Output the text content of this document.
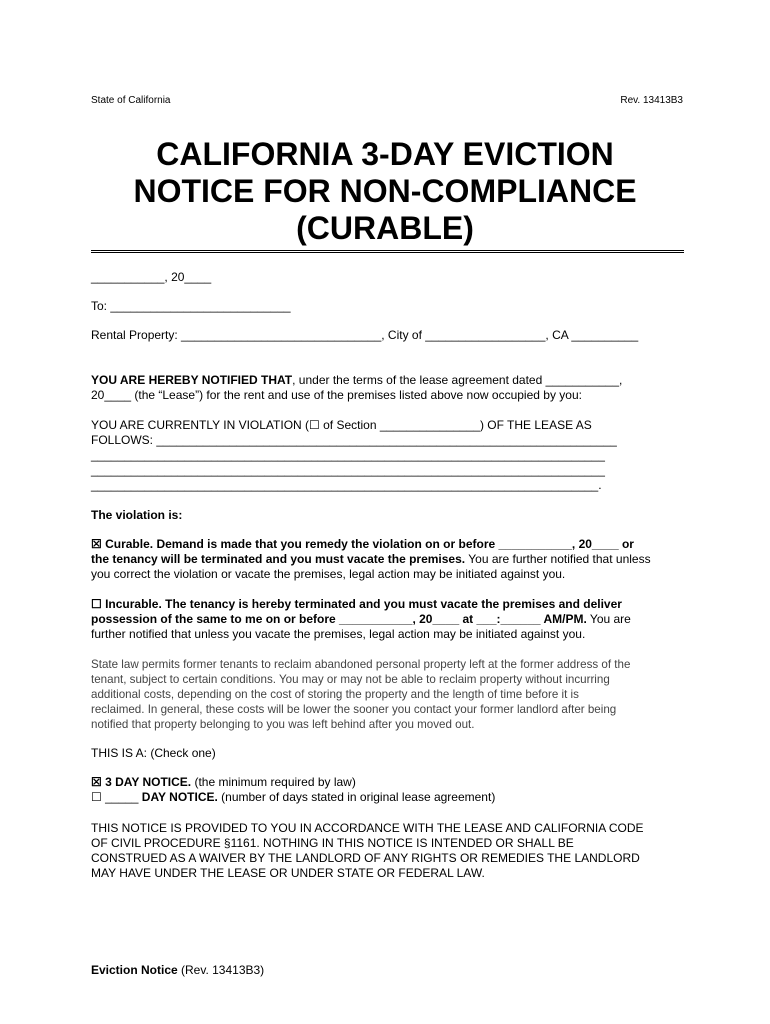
State of California	Rev. 13413B3
CALIFORNIA 3-DAY EVICTION
NOTICE FOR NON-COMPLIANCE
(CURABLE)
___________, 20____
To: ___________________________
Rental Property: ______________________________, City of __________________, CA __________
YOU ARE HEREBY NOTIFIED THAT, under the terms of the lease agreement dated ___________,
20____ (the “Lease”) for the rent and use of the premises listed above now occupied by you:
YOU ARE CURRENTLY IN VIOLATION (☐ of Section _______________) OF THE LEASE AS
FOLLOWS: _____________________________________________________________________
_____________________________________________________________________________
_____________________________________________________________________________
____________________________________________________________________________.
The violation is:
☒ Curable. Demand is made that you remedy the violation on or before ___________, 20____ or
the tenancy will be terminated and you must vacate the premises. You are further notified that unless
you correct the violation or vacate the premises, legal action may be initiated against you.
☐ Incurable. The tenancy is hereby terminated and you must vacate the premises and deliver
possession of the same to me on or before ___________, 20____ at ___:______ AM/PM. You are
further notified that unless you vacate the premises, legal action may be initiated against you.
State law permits former tenants to reclaim abandoned personal property left at the former address of the
tenant, subject to certain conditions. You may or may not be able to reclaim property without incurring
additional costs, depending on the cost of storing the property and the length of time before it is
reclaimed. In general, these costs will be lower the sooner you contact your former landlord after being
notified that property belonging to you was left behind after you moved out.
THIS IS A: (Check one)
☒ 3 DAY NOTICE. (the minimum required by law)
☐ _____ DAY NOTICE. (number of days stated in original lease agreement)
THIS NOTICE IS PROVIDED TO YOU IN ACCORDANCE WITH THE LEASE AND CALIFORNIA CODE
OF CIVIL PROCEDURE §1161. NOTHING IN THIS NOTICE IS INTENDED OR SHALL BE
CONSTRUED AS A WAIVER BY THE LANDLORD OF ANY RIGHTS OR REMEDIES THE LANDLORD
MAY HAVE UNDER THE LEASE OR UNDER STATE OR FEDERAL LAW.
Eviction Notice (Rev. 13413B3)
